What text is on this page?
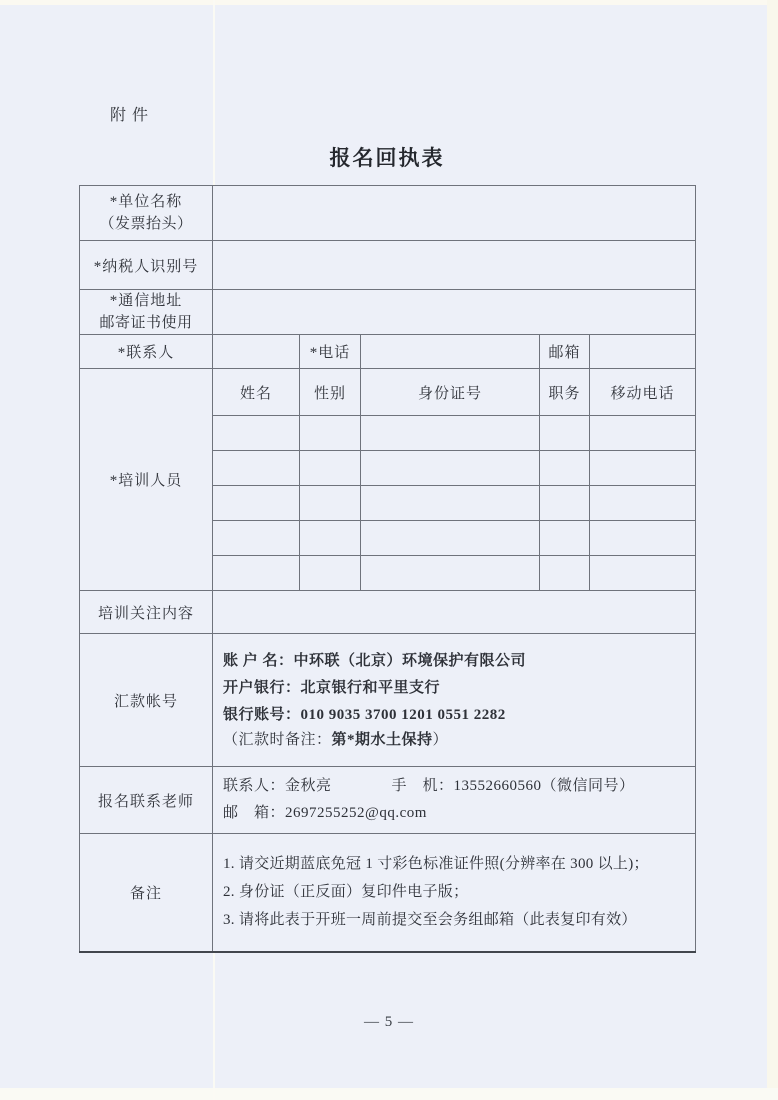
附件
报名回执表
*单位名称
（发票抬头）					

*纳税人识别号					

*通信地址
邮寄证书使用					

*联系人		*电话		邮箱	
*培训人员	姓名	性别	身份证号	职务	移动电话

培训关注内容					
汇款帐号	账 户 名：中环联（北京）环境保护有限公司
开户银行：北京银行和平里支行
银行账号：010 9035 3700 1201 0551 2282
（汇款时备注：第*期水土保持）				

报名联系老师	联系人：金秋亮 手　机：13552660560（微信同号）
邮　箱：2697255252@qq.com				

备注	1. 请交近期蓝底免冠 1 寸彩色标准证件照(分辨率在 300 以上)；
2. 身份证（正反面）复印件电子版；
3. 请将此表于开班一周前提交至会务组邮箱（此表复印有效）				
— 5 —
